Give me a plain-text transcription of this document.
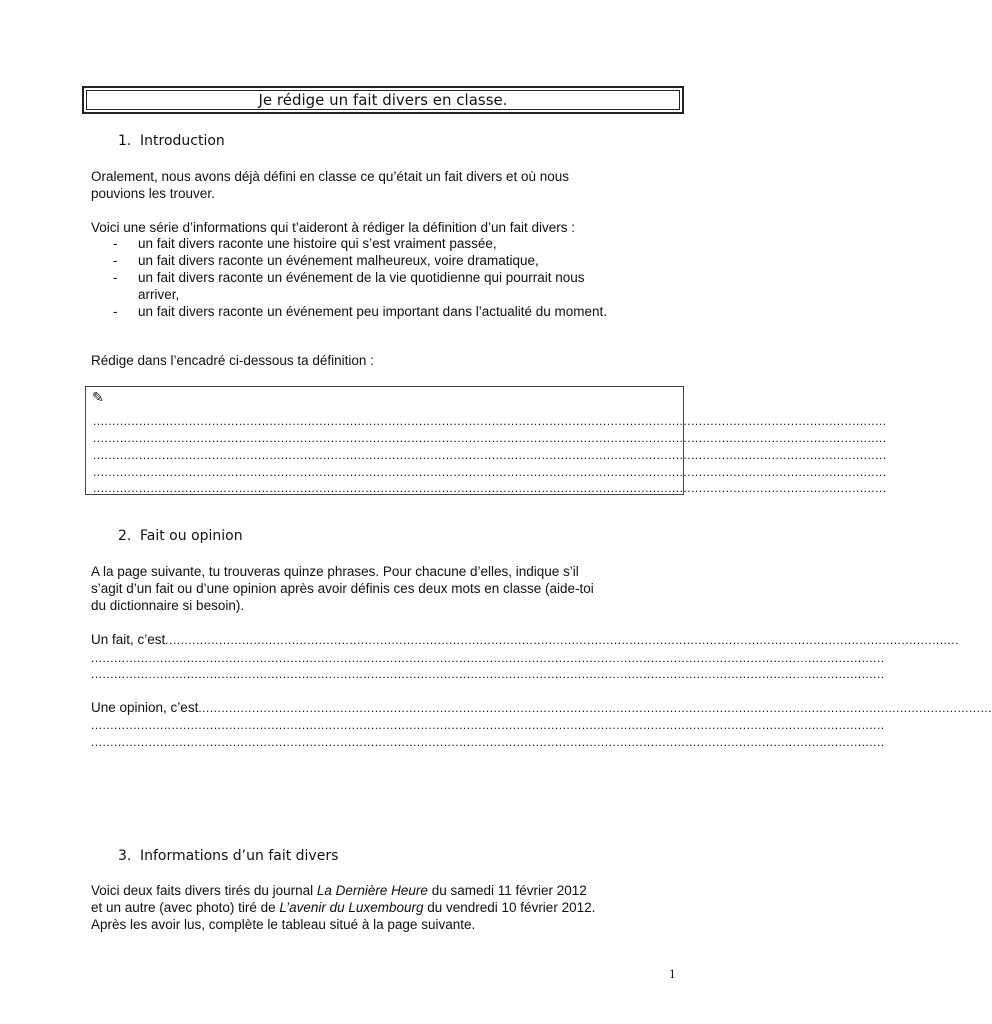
Je rédige un fait divers en classe.
1. Introduction
Oralement, nous avons déjà défini en classe ce qu’était un fait divers et où nous
pouvions les trouver.
Voici une série d’informations qui t’aideront à rédiger la définition d’un fait divers :
- un fait divers raconte une histoire qui s’est vraiment passée,
- un fait divers raconte un événement malheureux, voire dramatique,
- un fait divers raconte un événement de la vie quotidienne qui pourrait nous
arriver,
- un fait divers raconte un événement peu important dans l’actualité du moment.
Rédige dans l’encadré ci-dessous ta définition :
✎
...............................................................................................................................................................................................................
...............................................................................................................................................................................................................
...............................................................................................................................................................................................................
...............................................................................................................................................................................................................
...............................................................................................................................................................................................................
2. Fait ou opinion
A la page suivante, tu trouveras quinze phrases. Pour chacune d’elles, indique s’il
s’agit d’un fait ou d’une opinion après avoir définis ces deux mots en classe (aide-toi
du dictionnaire si besoin).
Un fait, c’est...............................................................................................................................................................................................................
...............................................................................................................................................................................................................
...............................................................................................................................................................................................................
Une opinion, c’est...............................................................................................................................................................................................................
...............................................................................................................................................................................................................
...............................................................................................................................................................................................................
3. Informations d’un fait divers
Voici deux faits divers tirés du journal La Dernière Heure du samedi 11 février 2012
et un autre (avec photo) tiré de L’avenir du Luxembourg du vendredi 10 février 2012.
Après les avoir lus, complète le tableau situé à la page suivante.
1
